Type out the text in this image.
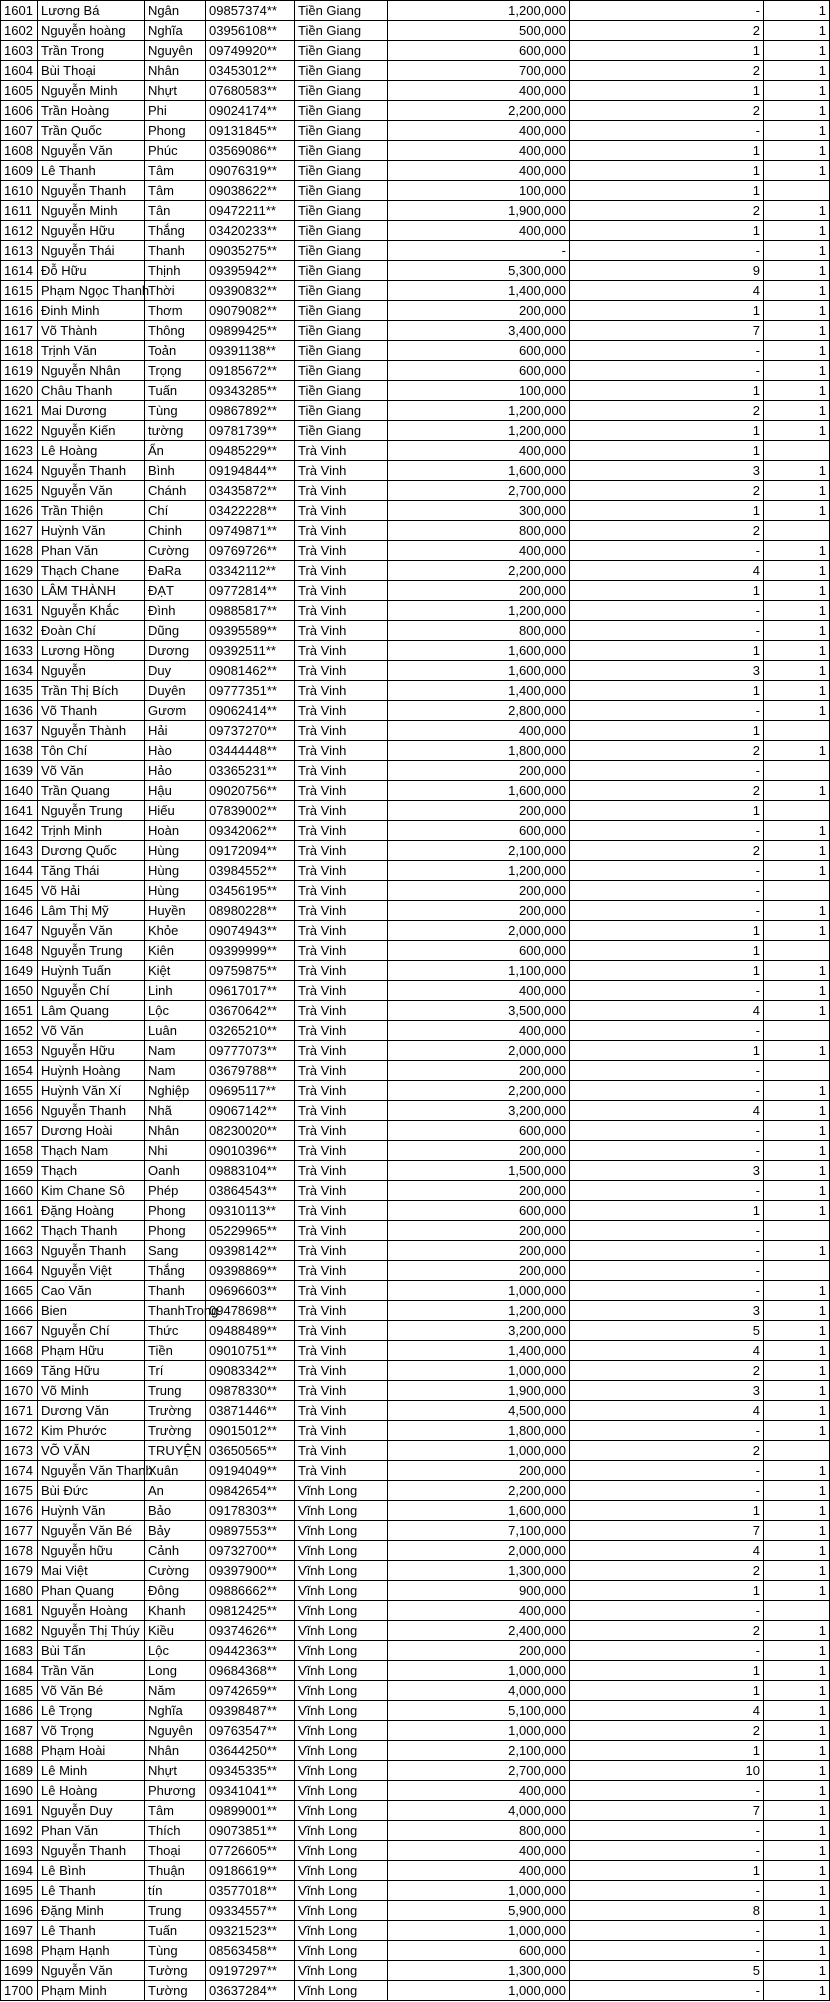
1601	Lương Bá	Ngân	09857374**	Tiền Giang	1,200,000	-	1
1602	Nguyễn hoàng	Nghĩa	03956108**	Tiền Giang	500,000	2	1
1603	Trần Trong	Nguyên	09749920**	Tiền Giang	600,000	1	1
1604	Bùi Thoại	Nhân	03453012**	Tiền Giang	700,000	2	1
1605	Nguyễn Minh	Nhựt	07680583**	Tiền Giang	400,000	1	1
1606	Trần Hoàng	Phi	09024174**	Tiền Giang	2,200,000	2	1
1607	Trần Quốc	Phong	09131845**	Tiền Giang	400,000	-	1
1608	Nguyễn Văn	Phúc	03569086**	Tiền Giang	400,000	1	1
1609	Lê Thanh	Tâm	09076319**	Tiền Giang	400,000	1	1
1610	Nguyễn Thanh	Tâm	09038622**	Tiền Giang	100,000	1	
1611	Nguyễn Minh	Tân	09472211**	Tiền Giang	1,900,000	2	1
1612	Nguyễn Hữu	Thắng	03420233**	Tiền Giang	400,000	1	1
1613	Nguyễn Thái	Thanh	09035275**	Tiền Giang	-	-	1
1614	Đỗ Hữu	Thịnh	09395942**	Tiền Giang	5,300,000	9	1
1615	Phạm Ngọc Thanh	Thời	09390832**	Tiền Giang	1,400,000	4	1
1616	Đinh Minh	Thơm	09079082**	Tiền Giang	200,000	1	1
1617	Võ Thành	Thông	09899425**	Tiền Giang	3,400,000	7	1
1618	Trịnh Văn	Toản	09391138**	Tiền Giang	600,000	-	1
1619	Nguyễn Nhân	Trọng	09185672**	Tiền Giang	600,000	-	1
1620	Châu Thanh	Tuấn	09343285**	Tiền Giang	100,000	1	1
1621	Mai Dương	Tùng	09867892**	Tiền Giang	1,200,000	2	1
1622	Nguyễn Kiến	tường	09781739**	Tiền Giang	1,200,000	1	1
1623	Lê Hoàng	Ẩn	09485229**	Trà Vinh	400,000	1	
1624	Nguyễn Thanh	Bình	09194844**	Trà Vinh	1,600,000	3	1
1625	Nguyễn Văn	Chánh	03435872**	Trà Vinh	2,700,000	2	1
1626	Trần Thiện	Chí	03422228**	Trà Vinh	300,000	1	1
1627	Huỳnh Văn	Chinh	09749871**	Trà Vinh	800,000	2	
1628	Phan Văn	Cường	09769726**	Trà Vinh	400,000	-	1
1629	Thạch Chane	ĐaRa	03342112**	Trà Vinh	2,200,000	4	1
1630	LÂM THÀNH	ĐẠT	09772814**	Trà Vinh	200,000	1	1
1631	Nguyễn Khắc	Đình	09885817**	Trà Vinh	1,200,000	-	1
1632	Đoàn Chí	Dũng	09395589**	Trà Vinh	800,000	-	1
1633	Lương Hồng	Dương	09392511**	Trà Vinh	1,600,000	1	1
1634	Nguyễn	Duy	09081462**	Trà Vinh	1,600,000	3	1
1635	Trần Thị Bích	Duyên	09777351**	Trà Vinh	1,400,000	1	1
1636	Võ Thanh	Gươm	09062414**	Trà Vinh	2,800,000	-	1
1637	Nguyễn Thành	Hải	09737270**	Trà Vinh	400,000	1	
1638	Tôn Chí	Hào	03444448**	Trà Vinh	1,800,000	2	1
1639	Võ Văn	Hảo	03365231**	Trà Vinh	200,000	-	
1640	Trần Quang	Hậu	09020756**	Trà Vinh	1,600,000	2	1
1641	Nguyễn Trung	Hiếu	07839002**	Trà Vinh	200,000	1	
1642	Trịnh Minh	Hoàn	09342062**	Trà Vinh	600,000	-	1
1643	Dương Quốc	Hùng	09172094**	Trà Vinh	2,100,000	2	1
1644	Tăng Thái	Hùng	03984552**	Trà Vinh	1,200,000	-	1
1645	Võ Hải	Hùng	03456195**	Trà Vinh	200,000	-	
1646	Lâm Thị Mỹ	Huyền	08980228**	Trà Vinh	200,000	-	1
1647	Nguyễn Văn	Khỏe	09074943**	Trà Vinh	2,000,000	1	1
1648	Nguyễn Trung	Kiên	09399999**	Trà Vinh	600,000	1	
1649	Huỳnh Tuấn	Kiệt	09759875**	Trà Vinh	1,100,000	1	1
1650	Nguyễn Chí	Linh	09617017**	Trà Vinh	400,000	-	1
1651	Lâm Quang	Lộc	03670642**	Trà Vinh	3,500,000	4	1
1652	Võ Văn	Luân	03265210**	Trà Vinh	400,000	-	
1653	Nguyễn Hữu	Nam	09777073**	Trà Vinh	2,000,000	1	1
1654	Huỳnh Hoàng	Nam	03679788**	Trà Vinh	200,000	-	
1655	Huỳnh Văn Xí	Nghiệp	09695117**	Trà Vinh	2,200,000	-	1
1656	Nguyễn Thanh	Nhã	09067142**	Trà Vinh	3,200,000	4	1
1657	Dương Hoài	Nhân	08230020**	Trà Vinh	600,000	-	1
1658	Thạch Nam	Nhi	09010396**	Trà Vinh	200,000	-	1
1659	Thạch	Oanh	09883104**	Trà Vinh	1,500,000	3	1
1660	Kim Chane Sô	Phép	03864543**	Trà Vinh	200,000	-	1
1661	Đặng Hoàng	Phong	09310113**	Trà Vinh	600,000	1	1
1662	Thạch Thanh	Phong	05229965**	Trà Vinh	200,000	-	
1663	Nguyễn Thanh	Sang	09398142**	Trà Vinh	200,000	-	1
1664	Nguyễn Việt	Thắng	09398869**	Trà Vinh	200,000	-	
1665	Cao Văn	Thanh	09696603**	Trà Vinh	1,000,000	-	1
1666	Bien	ThanhTrong	09478698**	Trà Vinh	1,200,000	3	1
1667	Nguyễn Chí	Thức	09488489**	Trà Vinh	3,200,000	5	1
1668	Phạm Hữu	Tiền	09010751**	Trà Vinh	1,400,000	4	1
1669	Tăng Hữu	Trí	09083342**	Trà Vinh	1,000,000	2	1
1670	Võ Minh	Trung	09878330**	Trà Vinh	1,900,000	3	1
1671	Dương Văn	Trường	03871446**	Trà Vinh	4,500,000	4	1
1672	Kim Phước	Trường	09015012**	Trà Vinh	1,800,000	-	1
1673	VÕ VĂN	TRUYỆN	03650565**	Trà Vinh	1,000,000	2	
1674	Nguyễn Văn Thanh	Xuân	09194049**	Trà Vinh	200,000	-	1
1675	Bùi Đức	An	09842654**	Vĩnh Long	2,200,000	-	1
1676	Huỳnh Văn	Bảo	09178303**	Vĩnh Long	1,600,000	1	1
1677	Nguyễn Văn Bé	Bảy	09897553**	Vĩnh Long	7,100,000	7	1
1678	Nguyễn hữu	Cảnh	09732700**	Vĩnh Long	2,000,000	4	1
1679	Mai Việt	Cường	09397900**	Vĩnh Long	1,300,000	2	1
1680	Phan Quang	Đông	09886662**	Vĩnh Long	900,000	1	1
1681	Nguyễn Hoàng	Khanh	09812425**	Vĩnh Long	400,000	-	
1682	Nguyễn Thị Thúy	Kiều	09374626**	Vĩnh Long	2,400,000	2	1
1683	Bùi Tấn	Lộc	09442363**	Vĩnh Long	200,000	-	1
1684	Trần Văn	Long	09684368**	Vĩnh Long	1,000,000	1	1
1685	Võ Văn Bé	Năm	09742659**	Vĩnh Long	4,000,000	1	1
1686	Lê Trọng	Nghĩa	09398487**	Vĩnh Long	5,100,000	4	1
1687	Võ Trọng	Nguyên	09763547**	Vĩnh Long	1,000,000	2	1
1688	Phạm Hoài	Nhân	03644250**	Vĩnh Long	2,100,000	1	1
1689	Lê Minh	Nhựt	09345335**	Vĩnh Long	2,700,000	10	1
1690	Lê Hoàng	Phương	09341041**	Vĩnh Long	400,000	-	1
1691	Nguyễn Duy	Tâm	09899001**	Vĩnh Long	4,000,000	7	1
1692	Phan Văn	Thích	09073851**	Vĩnh Long	800,000	-	1
1693	Nguyễn Thanh	Thoại	07726605**	Vĩnh Long	400,000	-	1
1694	Lê Bình	Thuận	09186619**	Vĩnh Long	400,000	1	1
1695	Lê Thanh	tín	03577018**	Vĩnh Long	1,000,000	-	1
1696	Đặng Minh	Trung	09334557**	Vĩnh Long	5,900,000	8	1
1697	Lê Thanh	Tuấn	09321523**	Vĩnh Long	1,000,000	-	1
1698	Phạm Hạnh	Tùng	08563458**	Vĩnh Long	600,000	-	1
1699	Nguyễn Văn	Tường	09197297**	Vĩnh Long	1,300,000	5	1
1700	Phạm Minh	Tường	03637284**	Vĩnh Long	1,000,000	-	1
